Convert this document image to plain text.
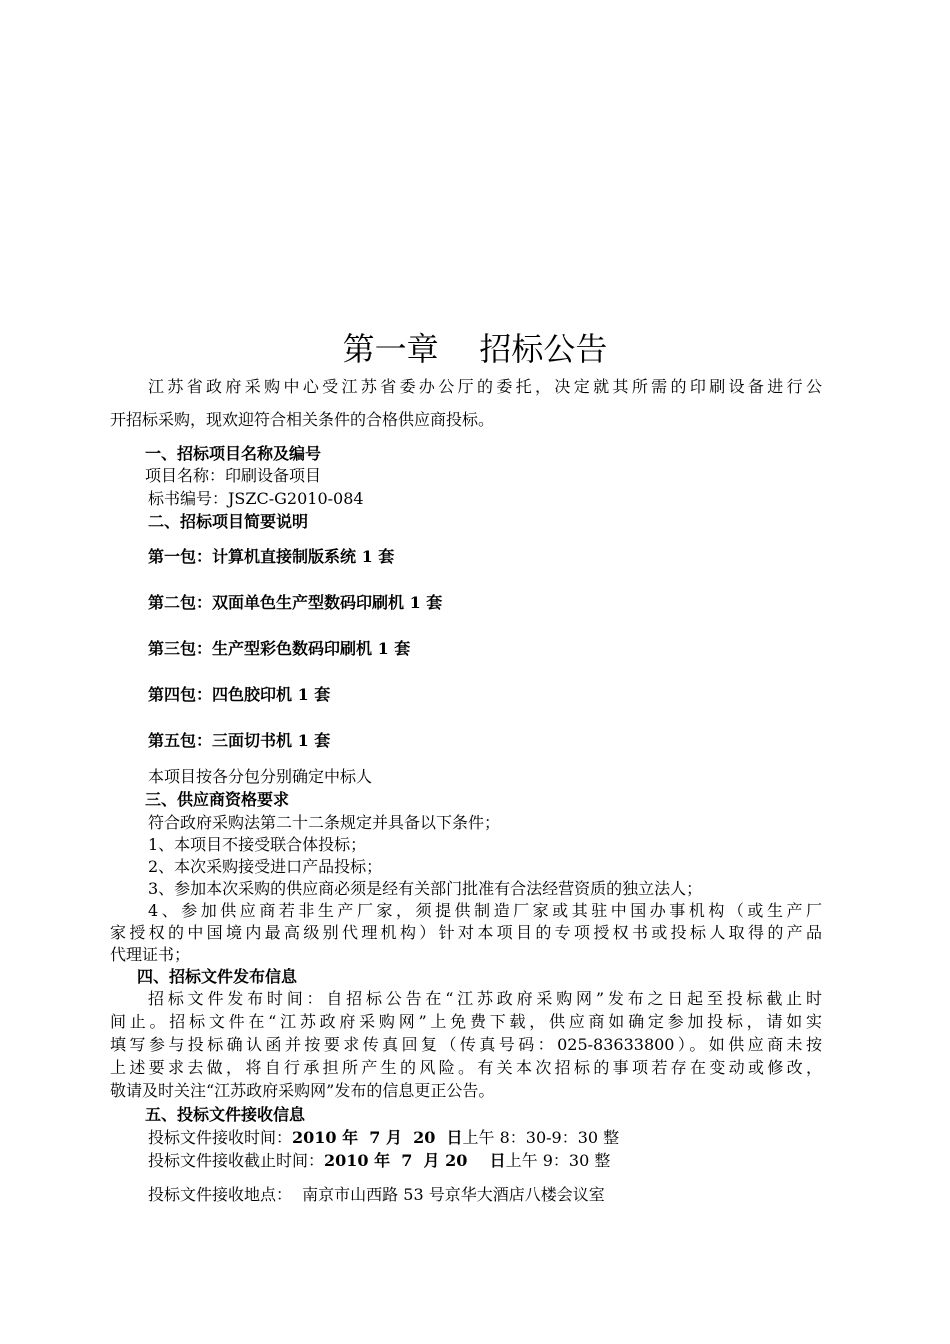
第一章    招标公告
江苏省政府采购中心受江苏省委办公厅的委托，决定就其所需的印刷设备进行公
开招标采购，现欢迎符合相关条件的合格供应商投标。
一、招标项目名称及编号
项目名称：印刷设备项目
标书编号：JSZC-G2010-084
二、招标项目简要说明
第一包：计算机直接制版系统 1 套
第二包：双面单色生产型数码印刷机 1 套
第三包：生产型彩色数码印刷机 1 套
第四包：四色胶印机 1 套
第五包：三面切书机 1 套
本项目按各分包分别确定中标人
三、供应商资格要求
符合政府采购法第二十二条规定并具备以下条件；
1、本项目不接受联合体投标；
2、本次采购接受进口产品投标；
3、参加本次采购的供应商必须是经有关部门批准有合法经营资质的独立法人；
4、参加供应商若非生产厂家，须提供制造厂家或其驻中国办事机构（或生产厂
家授权的中国境内最高级别代理机构）针对本项目的专项授权书或投标人取得的产品
代理证书；
四、招标文件发布信息
招标文件发布时间：自招标公告在“江苏政府采购网”发布之日起至投标截止时
间止。招标文件在“江苏政府采购网”上免费下载，供应商如确定参加投标，请如实
填写参与投标确认函并按要求传真回复（传真号码：025-83633800）。如供应商未按
上述要求去做，将自行承担所产生的风险。有关本次招标的事项若存在变动或修改，
敬请及时关注“江苏政府采购网”发布的信息更正公告。
五、投标文件接收信息
投标文件接收时间：2010 年  7 月  20  日上午 8：30-9：30 整
投标文件接收截止时间：2010 年  7  月 20    日上午 9：30 整
投标文件接收地点：  南京市山西路 53 号京华大酒店八楼会议室
